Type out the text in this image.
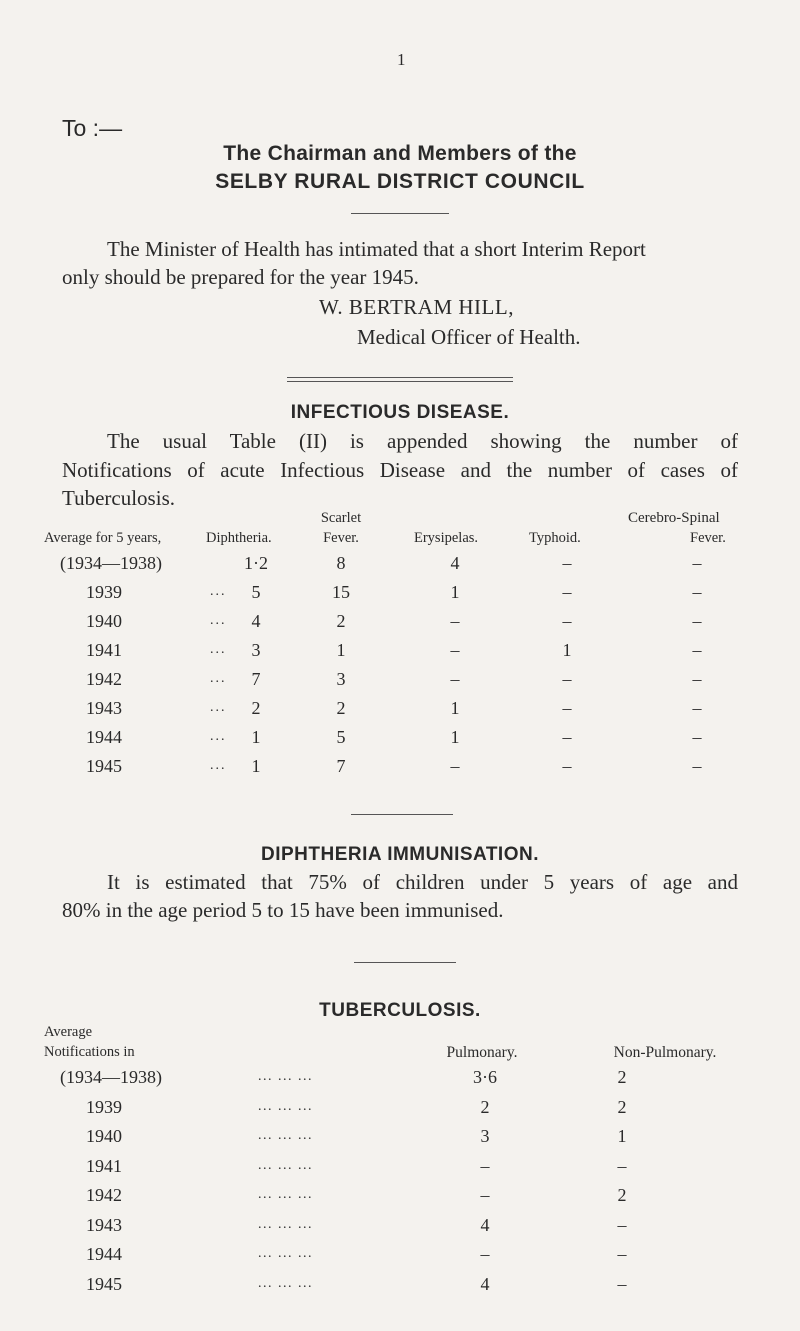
1
To :—
The Chairman and Members of the
SELBY RURAL DISTRICT COUNCIL
The Minister of Health has intimated that a short Interim Report
only should be prepared for the year 1945.
W. BERTRAM HILL,
Medical Officer of Health.
INFECTIOUS DISEASE.
The usual Table (II) is appended showing the number of
Notifications of acute Infectious Disease and the number of cases of
Tuberculosis.
Scarlet	Cerebro-Spinal
Average for 5 years,	Diphtheria.	Fever.	Erysipelas.	Typhoid.	Fever.
(1934—1938)	1·2	8	4	–	–
1939	... 5	15	1	–	–
1940	... 4	2	–	–	–
1941	... 3	1	–	1	–
1942	... 7	3	–	–	–
1943	... 2	2	1	–	–
1944	... 1	5	1	–	–
1945	... 1	7	–	–	–
DIPHTHERIA IMMUNISATION.
It is estimated that 75% of children under 5 years of age and
80% in the age period 5 to 15 have been immunised.
TUBERCULOSIS.
Average
Notifications in	Pulmonary.	Non-Pulmonary.
(1934—1938)	... ... ...	3·6	2
1939	... ... ...	2	2
1940	... ... ...	3	1
1941	... ... ...	–	–
1942	... ... ...	–	2
1943	... ... ...	4	–
1944	... ... ...	–	–
1945	... ... ...	4	–
